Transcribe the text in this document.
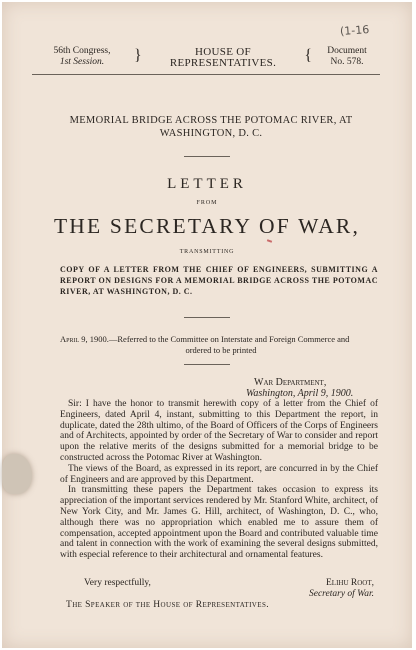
(1-16
56th Congress,
1st Session.	}	HOUSE OF REPRESENTATIVES.	{	Document
No. 578.
MEMORIAL BRIDGE ACROSS THE POTOMAC RIVER, AT
WASHINGTON, D. C.
LETTER
FROM
THE SECRETARY OF WAR,
TRANSMITTING
COPY OF A LETTER FROM THE CHIEF OF ENGINEERS, SUBMITTING A REPORT ON DESIGNS FOR A MEMORIAL BRIDGE ACROSS THE POTOMAC RIVER, AT WASHINGTON, D. C.
April 9, 1900.—Referred to the Committee on Interstate and Foreign Commerce and
ordered to be printed
War Department,
Washington, April 9, 1900.

Sir: I have the honor to transmit herewith copy of a letter from the Chief of Engineers, dated April 4, instant, submitting to this Department the report, in duplicate, dated the 28th ultimo, of the Board of Officers of the Corps of Engineers and of Architects, appointed by order of the Secretary of War to consider and report upon the relative merits of the designs submitted for a memorial bridge to be constructed across the Potomac River at Washington.

The views of the Board, as expressed in its report, are concurred in by the Chief of Engineers and are approved by this Department.

In transmitting these papers the Department takes occasion to express its appreciation of the important services rendered by Mr. Stanford White, architect, of New York City, and Mr. James G. Hill, architect, of Washington, D. C., who, although there was no appropriation which enabled me to assure them of compensation, accepted appointment upon the Board and contributed valuable time and talent in connection with the work of examining the several designs submitted, with especial reference to their architectural and ornamental features.

Very respectfully,	Elihu Root,
Secretary of War.
The Speaker of the House of Representatives.
